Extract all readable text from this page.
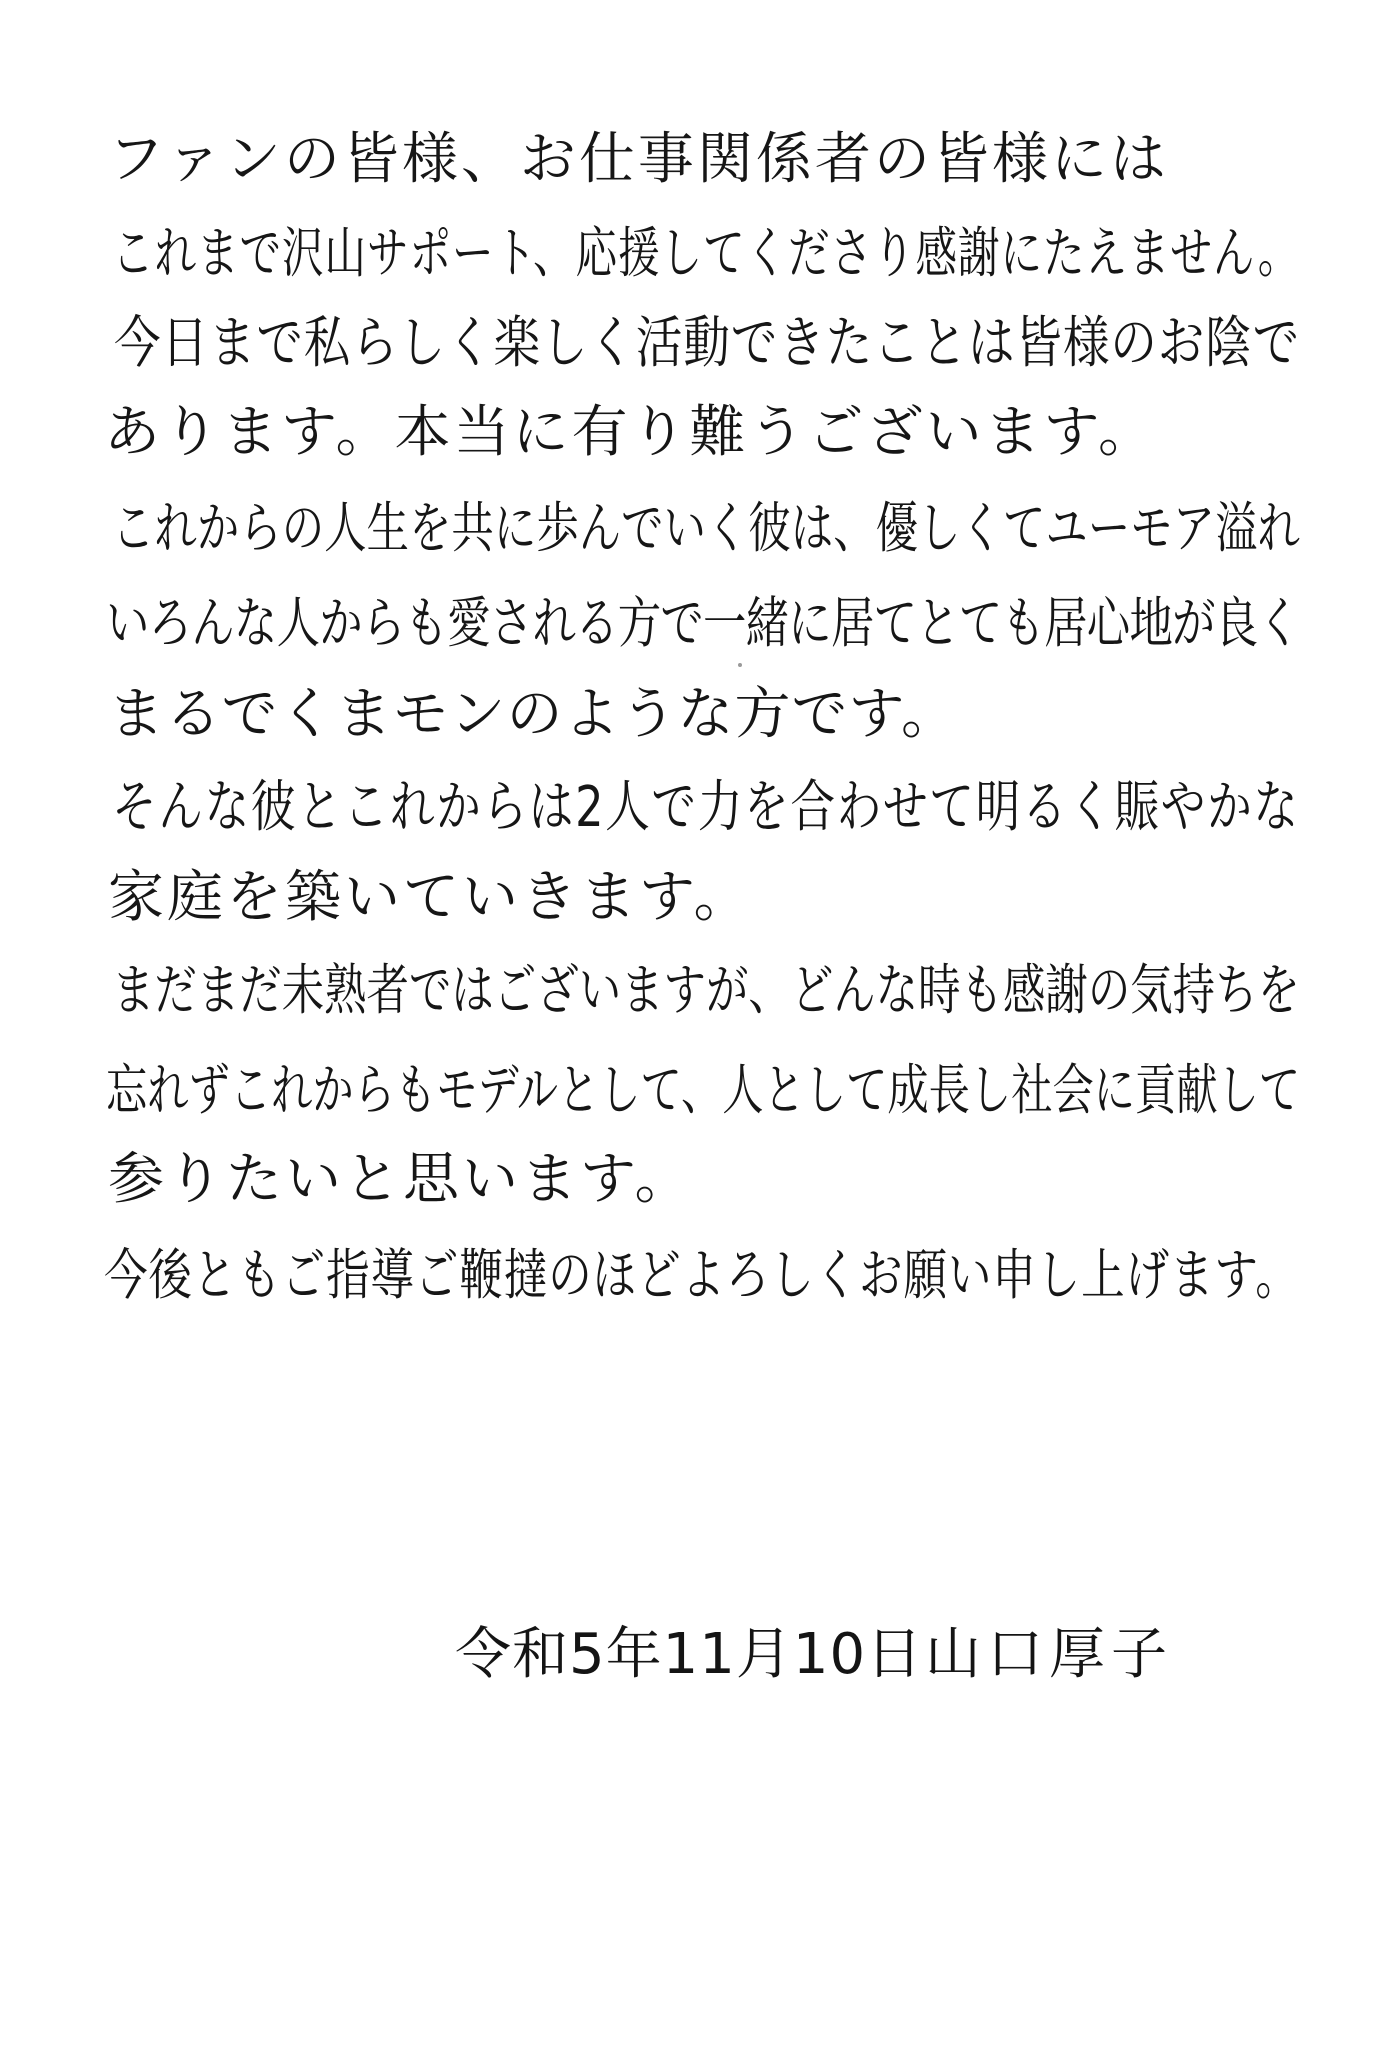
ファンの皆様、お仕事関係者の皆様には
これまで沢山サポート、応援してくださり感謝にたえません。
今日まで私らしく楽しく活動できたことは皆様のお陰で
あります。本当に有り難うございます。
これからの人生を共に歩んでいく彼は、優しくてユーモア溢れ
いろんな人からも愛される方で一緒に居てとても居心地が良く
まるでくまモンのような方です。
そんな彼とこれからは2人で力を合わせて明るく賑やかな
家庭を築いていきます。
まだまだ未熟者ではございますが、どんな時も感謝の気持ちを
忘れずこれからもモデルとして、人として成長し社会に貢献して
参りたいと思います。
今後ともご指導ご鞭撻のほどよろしくお願い申し上げます。
令和5年11月10日 山口厚子
